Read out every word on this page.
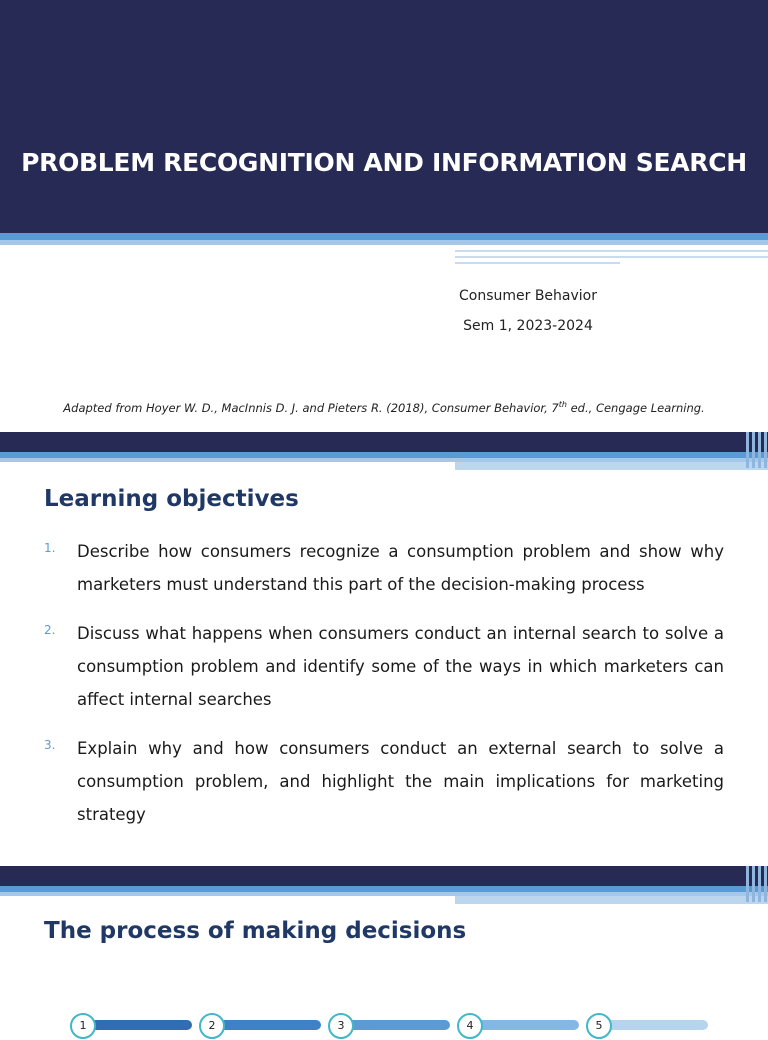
PROBLEM RECOGNITION AND INFORMATION SEARCH
Consumer Behavior
Sem 1, 2023-2024
Adapted from Hoyer W. D., MacInnis D. J. and Pieters R. (2018), Consumer Behavior, 7th ed., Cengage Learning.
Learning objectives
1.	Describe how consumers recognize a consumption problem and show why marketers must understand this part of the decision-making process
2.	Discuss what happens when consumers conduct an internal search to solve a consumption problem and identify some of the ways in which marketers can affect internal searches
3.	Explain why and how consumers conduct an external search to solve a consumption problem, and highlight the main implications for marketing strategy
The process of making decisions
1	2	3	4	5
